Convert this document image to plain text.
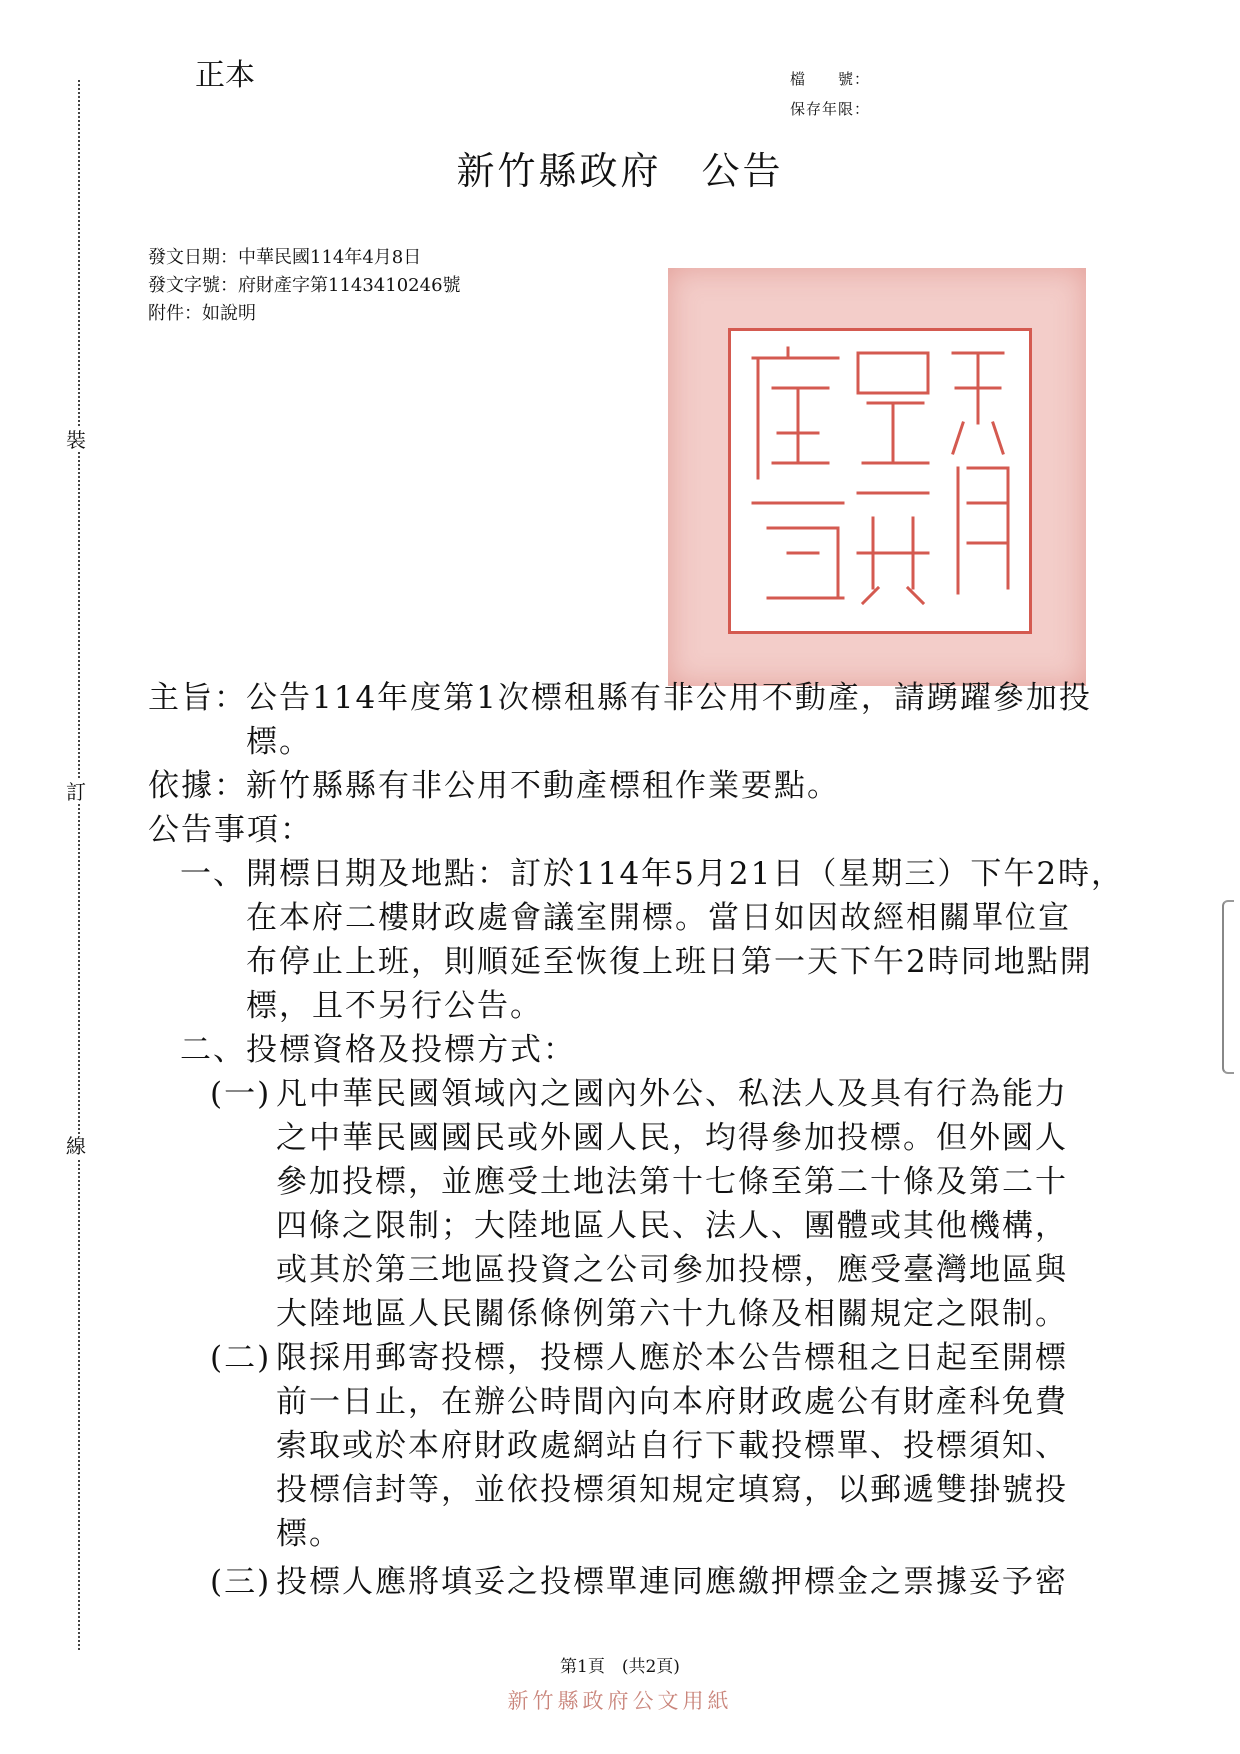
裝
訂
線
正本	檔　　號：
保存年限：
新竹縣政府 公告
發文日期：中華民國114年4月8日
發文字號：府財產字第1143410246號
附件：如說明
主旨： 公告114年度第1次標租縣有非公用不動產，請踴躍參加投
標。
依據： 新竹縣縣有非公用不動產標租作業要點。
公告事項：
一、 開標日期及地點：訂於114年5月21日（星期三）下午2時，
在本府二樓財政處會議室開標。當日如因故經相關單位宣
布停止上班，則順延至恢復上班日第一天下午2時同地點開
標，且不另行公告。
二、 投標資格及投標方式：
(一) 凡中華民國領域內之國內外公、私法人及具有行為能力
之中華民國國民或外國人民，均得參加投標。但外國人
參加投標，並應受土地法第十七條至第二十條及第二十
四條之限制；大陸地區人民、法人、團體或其他機構，
或其於第三地區投資之公司參加投標，應受臺灣地區與
大陸地區人民關係條例第六十九條及相關規定之限制。
(二) 限採用郵寄投標，投標人應於本公告標租之日起至開標
前一日止，在辦公時間內向本府財政處公有財產科免費
索取或於本府財政處網站自行下載投標單、投標須知、
投標信封等，並依投標須知規定填寫，以郵遞雙掛號投
標。
(三) 投標人應將填妥之投標單連同應繳押標金之票據妥予密
第1頁　(共2頁)
新竹縣政府公文用紙
